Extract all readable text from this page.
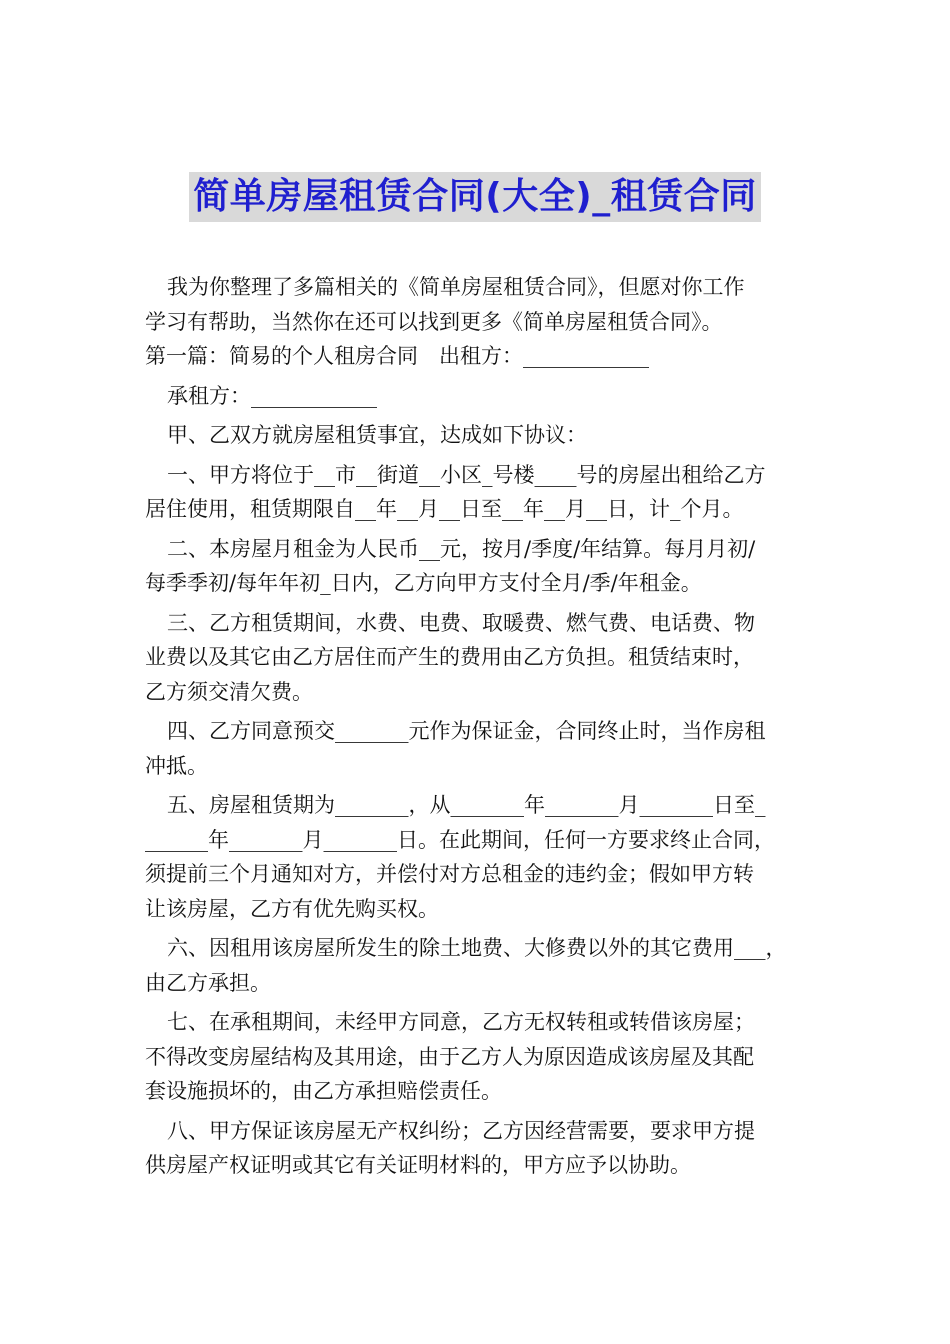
简单房屋租赁合同(大全)_租赁合同
我为你整理了多篇相关的《简单房屋租赁合同》，但愿对你工作
学习有帮助，当然你在还可以找到更多《简单房屋租赁合同》。
第一篇：简易的个人租房合同　出租方：____________
承租方：____________
甲、乙双方就房屋租赁事宜，达成如下协议：
一、甲方将位于__市__街道__小区_号楼____号的房屋出租给乙方
居住使用，租赁期限自__年__月__日至__年__月__日，计_个月。
二、本房屋月租金为人民币__元，按月/季度/年结算。每月月初/
每季季初/每年年初_日内，乙方向甲方支付全月/季/年租金。
三、乙方租赁期间，水费、电费、取暖费、燃气费、电话费、物
业费以及其它由乙方居住而产生的费用由乙方负担。租赁结束时，
乙方须交清欠费。
四、乙方同意预交_______元作为保证金，合同终止时，当作房租
冲抵。
五、房屋租赁期为_______，从_______年_______月_______日至_
______年_______月_______日。在此期间，任何一方要求终止合同，
须提前三个月通知对方，并偿付对方总租金的违约金；假如甲方转
让该房屋，乙方有优先购买权。
六、因租用该房屋所发生的除土地费、大修费以外的其它费用___，
由乙方承担。
七、在承租期间，未经甲方同意，乙方无权转租或转借该房屋；
不得改变房屋结构及其用途，由于乙方人为原因造成该房屋及其配
套设施损坏的，由乙方承担赔偿责任。
八、甲方保证该房屋无产权纠纷；乙方因经营需要，要求甲方提
供房屋产权证明或其它有关证明材料的，甲方应予以协助。
